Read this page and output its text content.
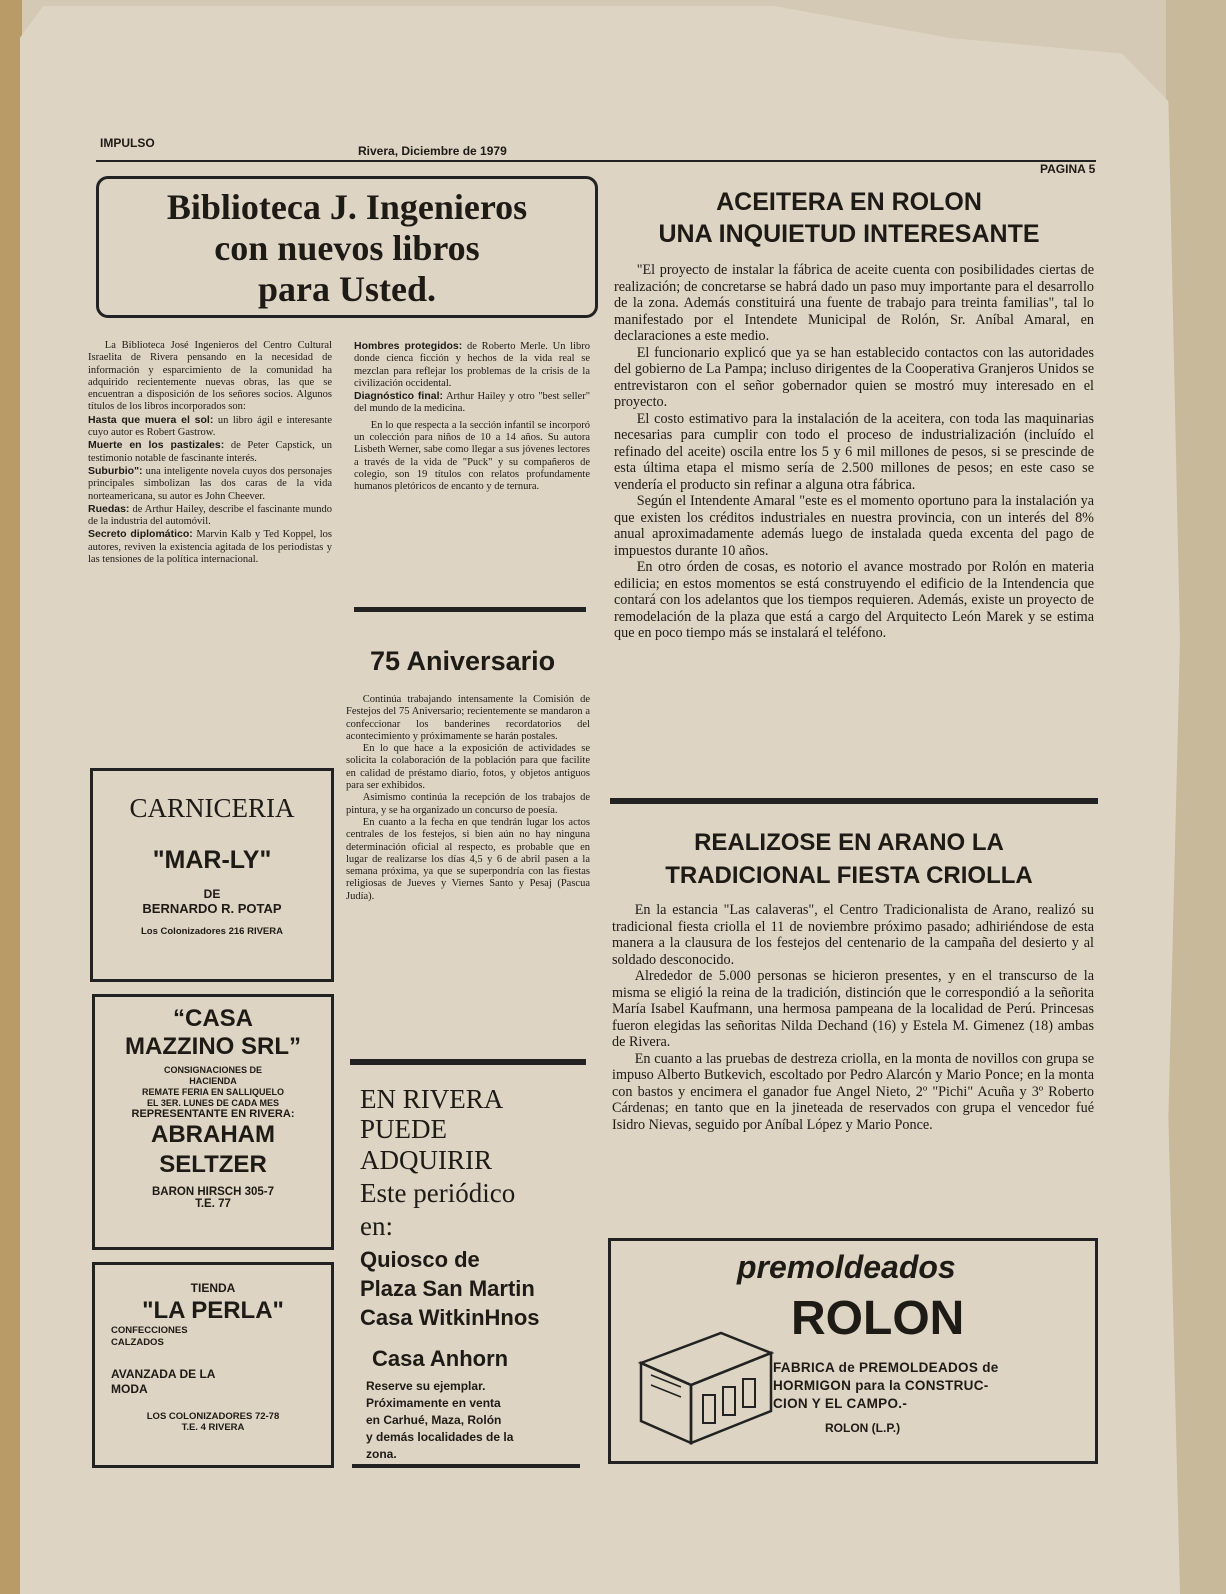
IMPULSO
Rivera, Diciembre de 1979
PAGINA 5
Biblioteca J. Ingenieros
con nuevos libros
para Usted.

La Biblioteca José Ingenieros del Centro Cultural Israelita de Rivera pensando en la necesidad de información y esparcimiento de la comunidad ha adquirido recientemente nuevas obras, las que se encuentran a disposición de los señores socios. Algunos títulos de los libros incorporados son:

Hasta que muera el sol: un libro ágil e interesante cuyo autor es Robert Gastrow.

Muerte en los pastizales: de Peter Capstick, un testimonio notable de fascinante interés.

Suburbio": una inteligente novela cuyos dos personajes principales simbolizan las dos caras de la vida norteamericana, su autor es John Cheever.

Ruedas: de Arthur Hailey, describe el fascinante mundo de la industria del automóvil.

Secreto diplomático: Marvin Kalb y Ted Koppel, los autores, reviven la existencia agitada de los periodistas y las tensiones de la política internacional.

Hombres protegidos: de Roberto Merle. Un libro donde cienca ficción y hechos de la vida real se mezclan para reflejar los problemas de la crisis de la civilización occidental.

Diagnóstico final: Arthur Hailey y otro "best seller" del mundo de la medicina.

En lo que respecta a la sección infantil se incorporó un colección para niños de 10 a 14 años. Su autora Lisbeth Werner, sabe como llegar a sus jóvenes lectores a través de la vida de "Puck" y su compañeros de colegio, son 19 títulos con relatos profundamente humanos pletóricos de encanto y de ternura.

75 Aniversario

Continúa trabajando intensamente la Comisión de Festejos del 75 Aniversario; recientemente se mandaron a confeccionar los banderines recordatorios del acontecimiento y próximamente se harán postales.

En lo que hace a la exposición de actividades se solicita la colaboración de la población para que facilite en calidad de préstamo diario, fotos, y objetos antiguos para ser exhibidos.

Asimismo continúa la recepción de los trabajos de pintura, y se ha organizado un concurso de poesía.

En cuanto a la fecha en que tendrán lugar los actos centrales de los festejos, si bien aún no hay ninguna determinación oficial al respecto, es probable que en lugar de realizarse los días 4,5 y 6 de abril pasen a la semana próxima, ya que se superpondría con las fiestas religiosas de Jueves y Viernes Santo y Pesaj (Pascua Judía).

CARNICERIA
"MAR-LY"
DE
BERNARDO R. POTAP
Los Colonizadores 216 RIVERA
“CASA
MAZZINO SRL”
CONSIGNACIONES DE
HACIENDA
REMATE FERIA EN SALLIQUELO
EL 3ER. LUNES DE CADA MES
REPRESENTANTE EN RIVERA:
ABRAHAM
SELTZER
BARON HIRSCH 305-7
T.E. 77
TIENDA
"LA PERLA"
CONFECCIONES
CALZADOS
AVANZADA DE LA
MODA
LOS COLONIZADORES 72-78
T.E. 4 RIVERA
EN RIVERA
PUEDE
ADQUIRIR
Este periódico
en:
Quiosco de
Plaza San Martin
Casa WitkinHnos
Casa Anhorn
Reserve su ejemplar.
Próximamente en venta
en Carhué, Maza, Rolón
y demás localidades de la
zona.
ACEITERA EN ROLON
UNA INQUIETUD INTERESANTE

"El proyecto de instalar la fábrica de aceite cuenta con posibilidades ciertas de realización; de concretarse se habrá dado un paso muy importante para el desarrollo de la zona. Además constituirá una fuente de trabajo para treinta familias", tal lo manifestado por el Intendete Municipal de Rolón, Sr. Aníbal Amaral, en declaraciones a este medio.

El funcionario explicó que ya se han establecido contactos con las autoridades del gobierno de La Pampa; incluso dirigentes de la Cooperativa Granjeros Unidos se entrevistaron con el señor gobernador quien se mostró muy interesado en el proyecto.

El costo estimativo para la instalación de la aceitera, con toda las maquinarias necesarias para cumplir con todo el proceso de industrialización (incluído el refinado del aceite) oscila entre los 5 y 6 mil millones de pesos, si se prescinde de esta última etapa el mismo sería de 2.500 millones de pesos; en este caso se vendería el producto sin refinar a alguna otra fábrica.

Según el Intendente Amaral "este es el momento oportuno para la instalación ya que existen los créditos industriales en nuestra provincia, con un interés del 8% anual aproximadamente además luego de instalada queda excenta del pago de impuestos durante 10 años.

En otro órden de cosas, es notorio el avance mostrado por Rolón en materia edilicia; en estos momentos se está construyendo el edificio de la Intendencia que contará con los adelantos que los tiempos requieren. Además, existe un proyecto de remodelación de la plaza que está a cargo del Arquitecto León Marek y se estima que en poco tiempo más se instalará el teléfono.

REALIZOSE EN ARANO LA
TRADICIONAL FIESTA CRIOLLA

En la estancia "Las calaveras", el Centro Tradicionalista de Arano, realizó su tradicional fiesta criolla el 11 de noviembre próximo pasado; adhiriéndose de esta manera a la clausura de los festejos del centenario de la campaña del desierto y al soldado desconocido.

Alrededor de 5.000 personas se hicieron presentes, y en el transcurso de la misma se eligió la reina de la tradición, distinción que le correspondió a la señorita María Isabel Kaufmann, una hermosa pampeana de la localidad de Perú. Princesas fueron elegidas las señoritas Nilda Dechand (16) y Estela M. Gimenez (18) ambas de Rivera.

En cuanto a las pruebas de destreza criolla, en la monta de novillos con grupa se impuso Alberto Butkevich, escoltado por Pedro Alarcón y Mario Ponce; en la monta con bastos y encimera el ganador fue Angel Nieto, 2º "Pichi" Acuña y 3º Roberto Cárdenas; en tanto que en la jineteada de reservados con grupa el vencedor fué Isidro Nievas, seguido por Aníbal López y Mario Ponce.

premoldeados
ROLON
FABRICA de PREMOLDEADOS de
HORMIGON para la CONSTRUC-
CION Y EL CAMPO.-
ROLON (L.P.)
